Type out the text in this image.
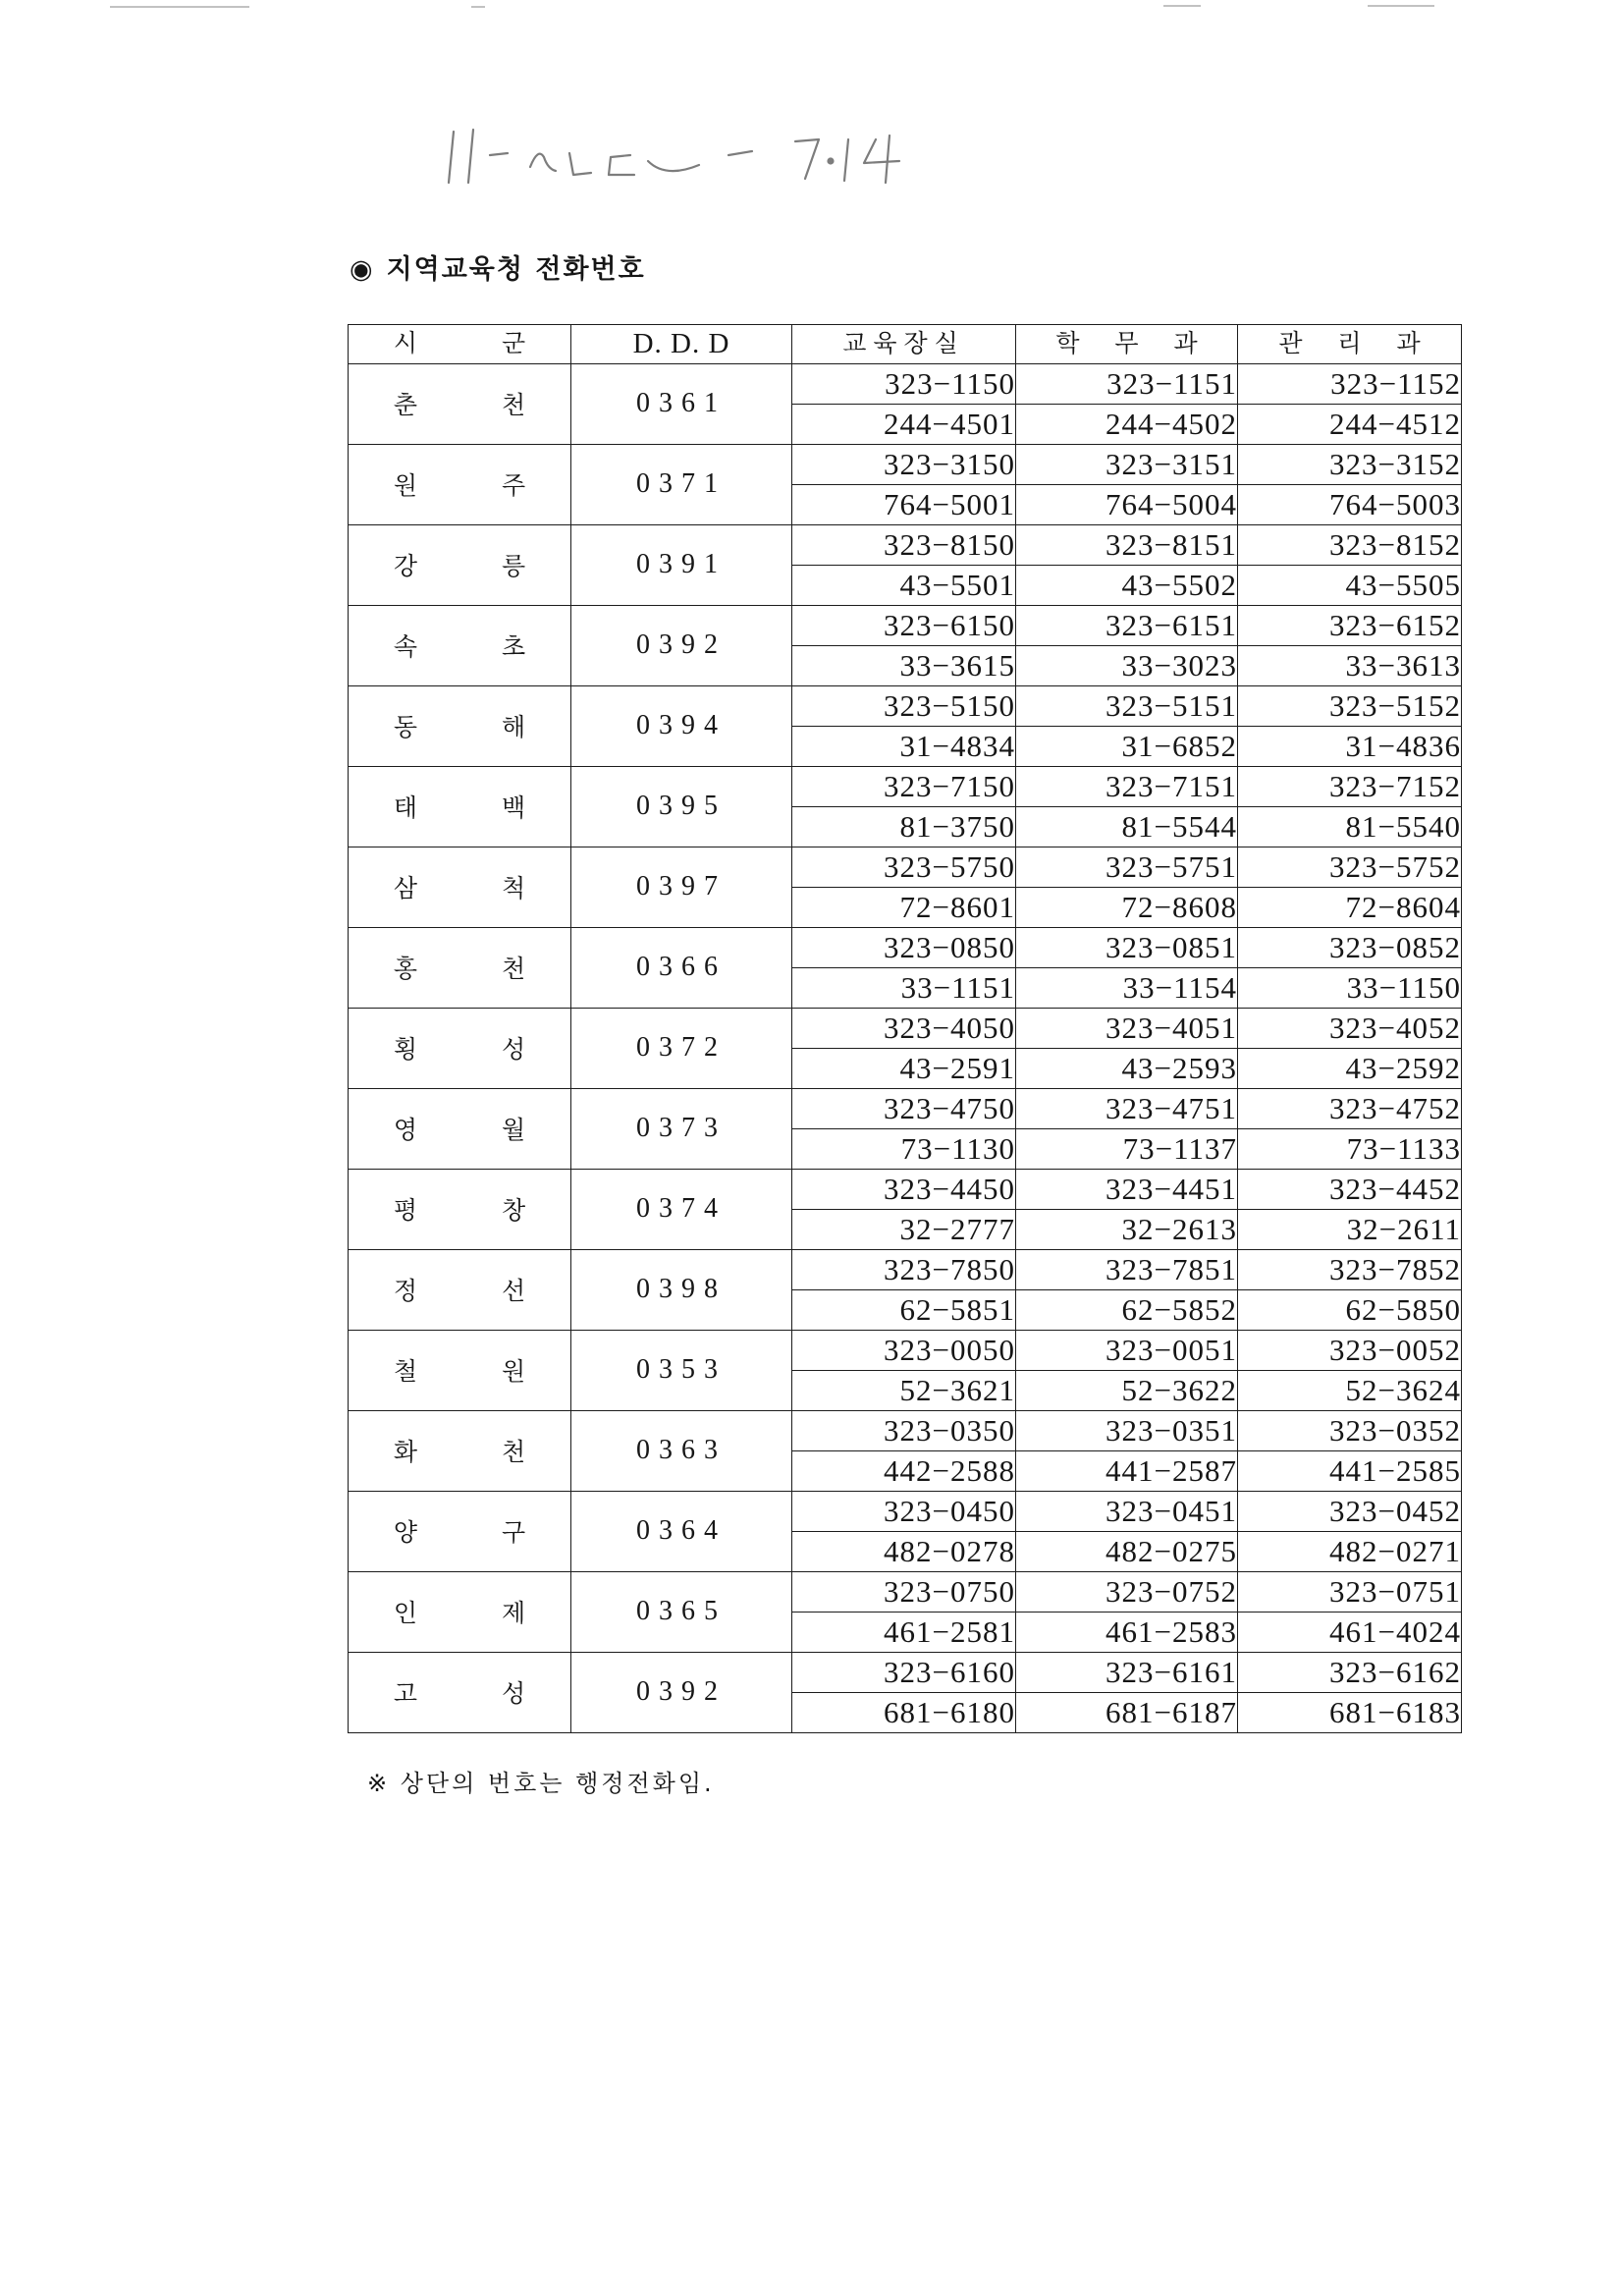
◉ 지역교육청 전화번호
시 군	D. D. D	교육장실	학 무 과	관 리 과
춘 천	0361	323−1150	323−1151	323−1152
		244−4501	244−4502	244−4512
원 주	0371	323−3150	323−3151	323−3152
		764−5001	764−5004	764−5003
강 릉	0391	323−8150	323−8151	323−8152
		43−5501	43−5502	43−5505
속 초	0392	323−6150	323−6151	323−6152
		33−3615	33−3023	33−3613
동 해	0394	323−5150	323−5151	323−5152
		31−4834	31−6852	31−4836
태 백	0395	323−7150	323−7151	323−7152
		81−3750	81−5544	81−5540
삼 척	0397	323−5750	323−5751	323−5752
		72−8601	72−8608	72−8604
홍 천	0366	323−0850	323−0851	323−0852
		33−1151	33−1154	33−1150
횡 성	0372	323−4050	323−4051	323−4052
		43−2591	43−2593	43−2592
영 월	0373	323−4750	323−4751	323−4752
		73−1130	73−1137	73−1133
평 창	0374	323−4450	323−4451	323−4452
		32−2777	32−2613	32−2611
정 선	0398	323−7850	323−7851	323−7852
		62−5851	62−5852	62−5850
철 원	0353	323−0050	323−0051	323−0052
		52−3621	52−3622	52−3624
화 천	0363	323−0350	323−0351	323−0352
		442−2588	441−2587	441−2585
양 구	0364	323−0450	323−0451	323−0452
		482−0278	482−0275	482−0271
인 제	0365	323−0750	323−0752	323−0751
		461−2581	461−2583	461−4024
고 성	0392	323−6160	323−6161	323−6162
		681−6180	681−6187	681−6183
※ 상단의 번호는 행정전화임.
